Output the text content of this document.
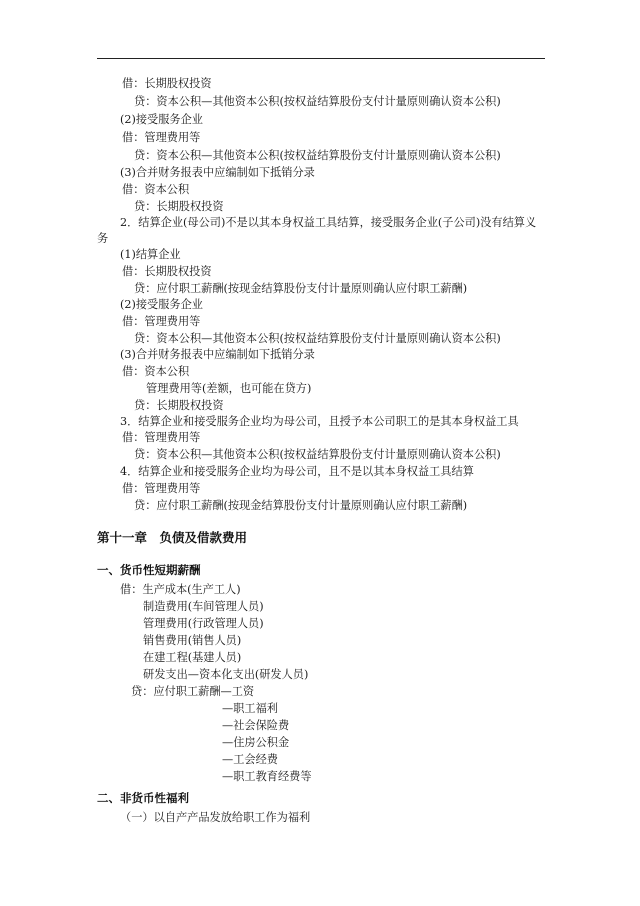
借：长期股权投资
贷：资本公积—其他资本公积(按权益结算股份支付计量原则确认资本公积)
(2)接受服务企业
借：管理费用等
贷：资本公积—其他资本公积(按权益结算股份支付计量原则确认资本公积)
(3)合并财务报表中应编制如下抵销分录
借：资本公积
贷：长期股权投资
2．结算企业(母公司)不是以其本身权益工具结算，接受服务企业(子公司)没有结算义
务
(1)结算企业
借：长期股权投资
贷：应付职工薪酬(按现金结算股份支付计量原则确认应付职工薪酬)
(2)接受服务企业
借：管理费用等
贷：资本公积—其他资本公积(按权益结算股份支付计量原则确认资本公积)
(3)合并财务报表中应编制如下抵销分录
借：资本公积
管理费用等(差额，也可能在贷方)
贷：长期股权投资
3．结算企业和接受服务企业均为母公司，且授予本公司职工的是其本身权益工具
借：管理费用等
贷：资本公积—其他资本公积(按权益结算股份支付计量原则确认资本公积)
4．结算企业和接受服务企业均为母公司，且不是以其本身权益工具结算
借：管理费用等
贷：应付职工薪酬(按现金结算股份支付计量原则确认应付职工薪酬)
第十一章　负债及借款费用
一、货币性短期薪酬
借：生产成本(生产工人)
制造费用(车间管理人员)
管理费用(行政管理人员)
销售费用(销售人员)
在建工程(基建人员)
研发支出—资本化支出(研发人员)
贷：应付职工薪酬—工资
—职工福利
—社会保险费
—住房公积金
—工会经费
—职工教育经费等
二、非货币性福利
（一）以自产产品发放给职工作为福利
